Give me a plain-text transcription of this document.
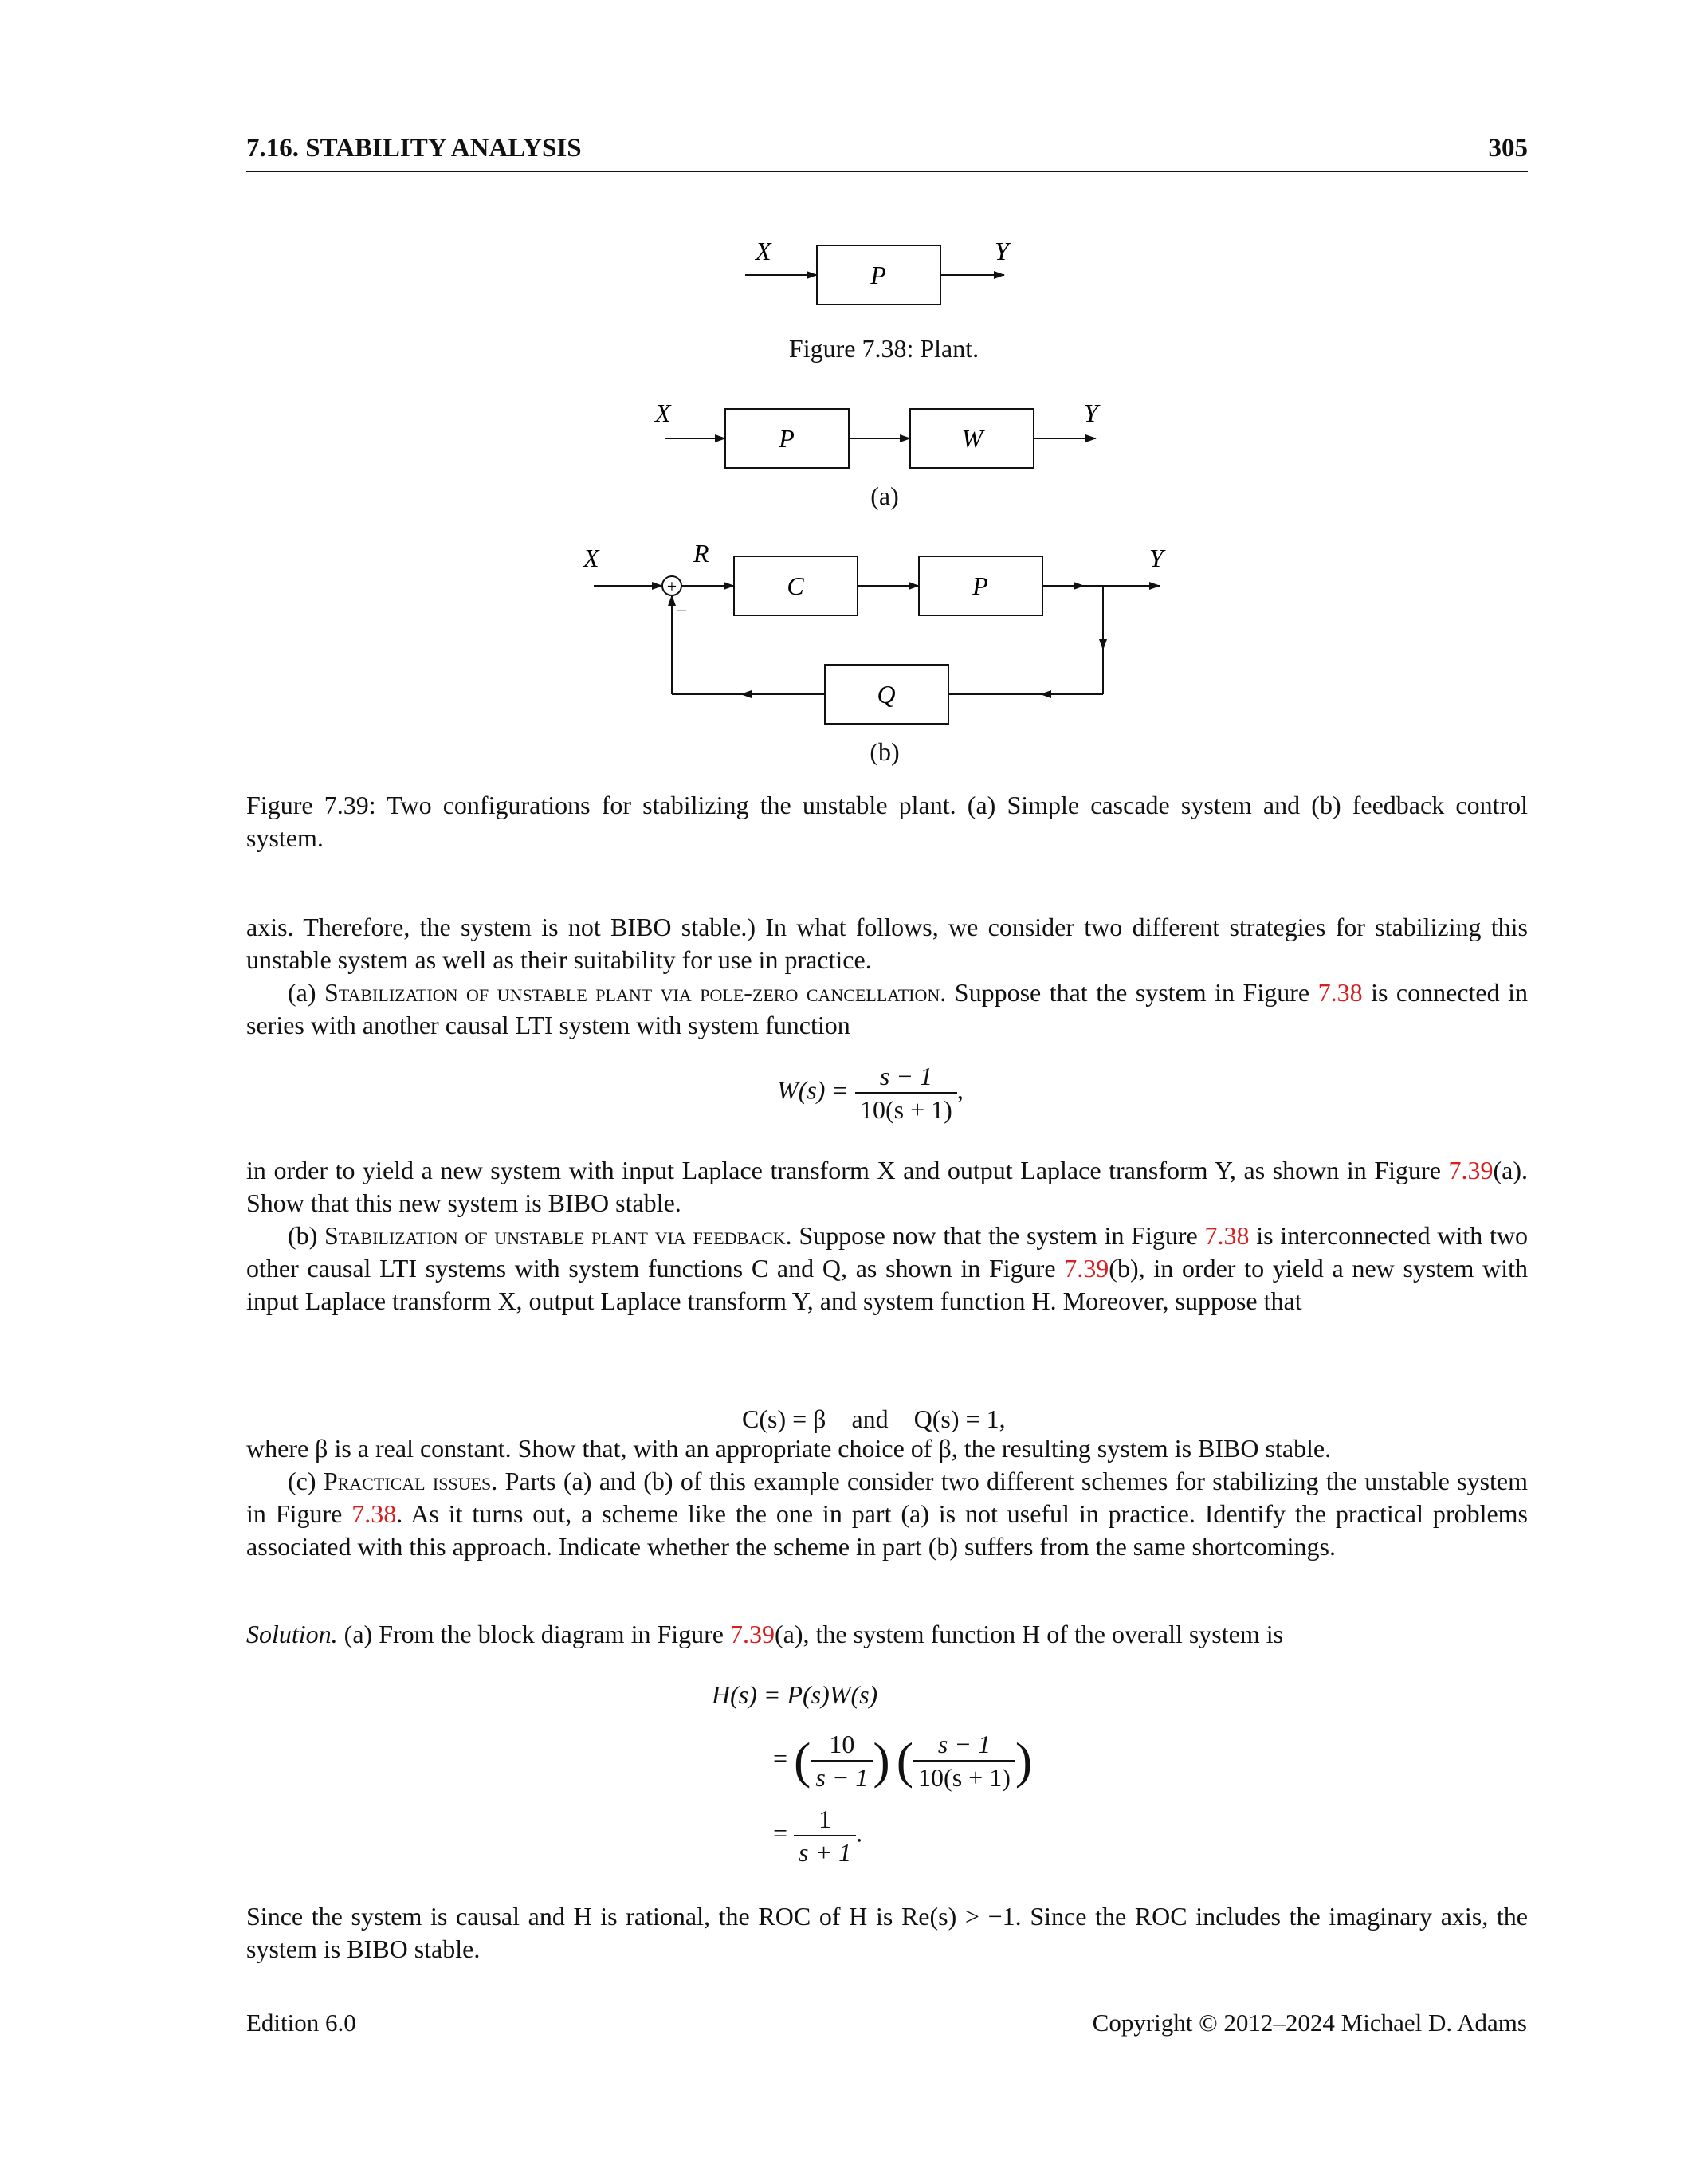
7.16. STABILITY ANALYSIS	305
X	Y
P
Figure 7.38: Plant.
X	Y
P	W
(a)
+
−
X	R	Y
C	P
Q
(b)
Figure 7.39: Two configurations for stabilizing the unstable plant. (a) Simple cascade system and (b) feedback control system.

axis. Therefore, the system is not BIBO stable.) In what follows, we consider two different strategies for stabilizing this unstable system as well as their suitability for use in practice.

(a) Stabilization of unstable plant via pole-zero cancellation. Suppose that the system in Figure 7.38 is connected in series with another causal LTI system with system function

$W(s) = \frac{s - 1}{10(s + 1)}$ ,

in order to yield a new system with input Laplace transform X and output Laplace transform Y, as shown in Figure 7.39(a). Show that this new system is BIBO stable.

(b) Stabilization of unstable plant via feedback. Suppose now that the system in Figure 7.38 is interconnected with two other causal LTI systems with system functions C and Q, as shown in Figure 7.39(b), in order to yield a new system with input Laplace transform X, output Laplace transform Y, and system function H. Moreover, suppose that

C(s) = β    and    Q(s) = 1,

where β is a real constant. Show that, with an appropriate choice of β, the resulting system is BIBO stable.

(c) Practical issues. Parts (a) and (b) of this example consider two different schemes for stabilizing the unstable system in Figure 7.38. As it turns out, a scheme like the one in part (a) is not useful in practice. Identify the practical problems associated with this approach. Indicate whether the scheme in part (b) suffers from the same shortcomings.

Solution. (a) From the block diagram in Figure 7.39(a), the system function H of the overall system is

H(s) = P(s)W(s)
= ( $\frac{10}{s - 1}$ ) ( $\frac{s - 1}{10(s + 1)}$ )
= $\frac{1}{s + 1}$ .

Since the system is causal and H is rational, the ROC of H is Re(s) > −1. Since the ROC includes the imaginary axis, the system is BIBO stable.

Edition 6.0	Copyright © 2012–2024 Michael D. Adams
